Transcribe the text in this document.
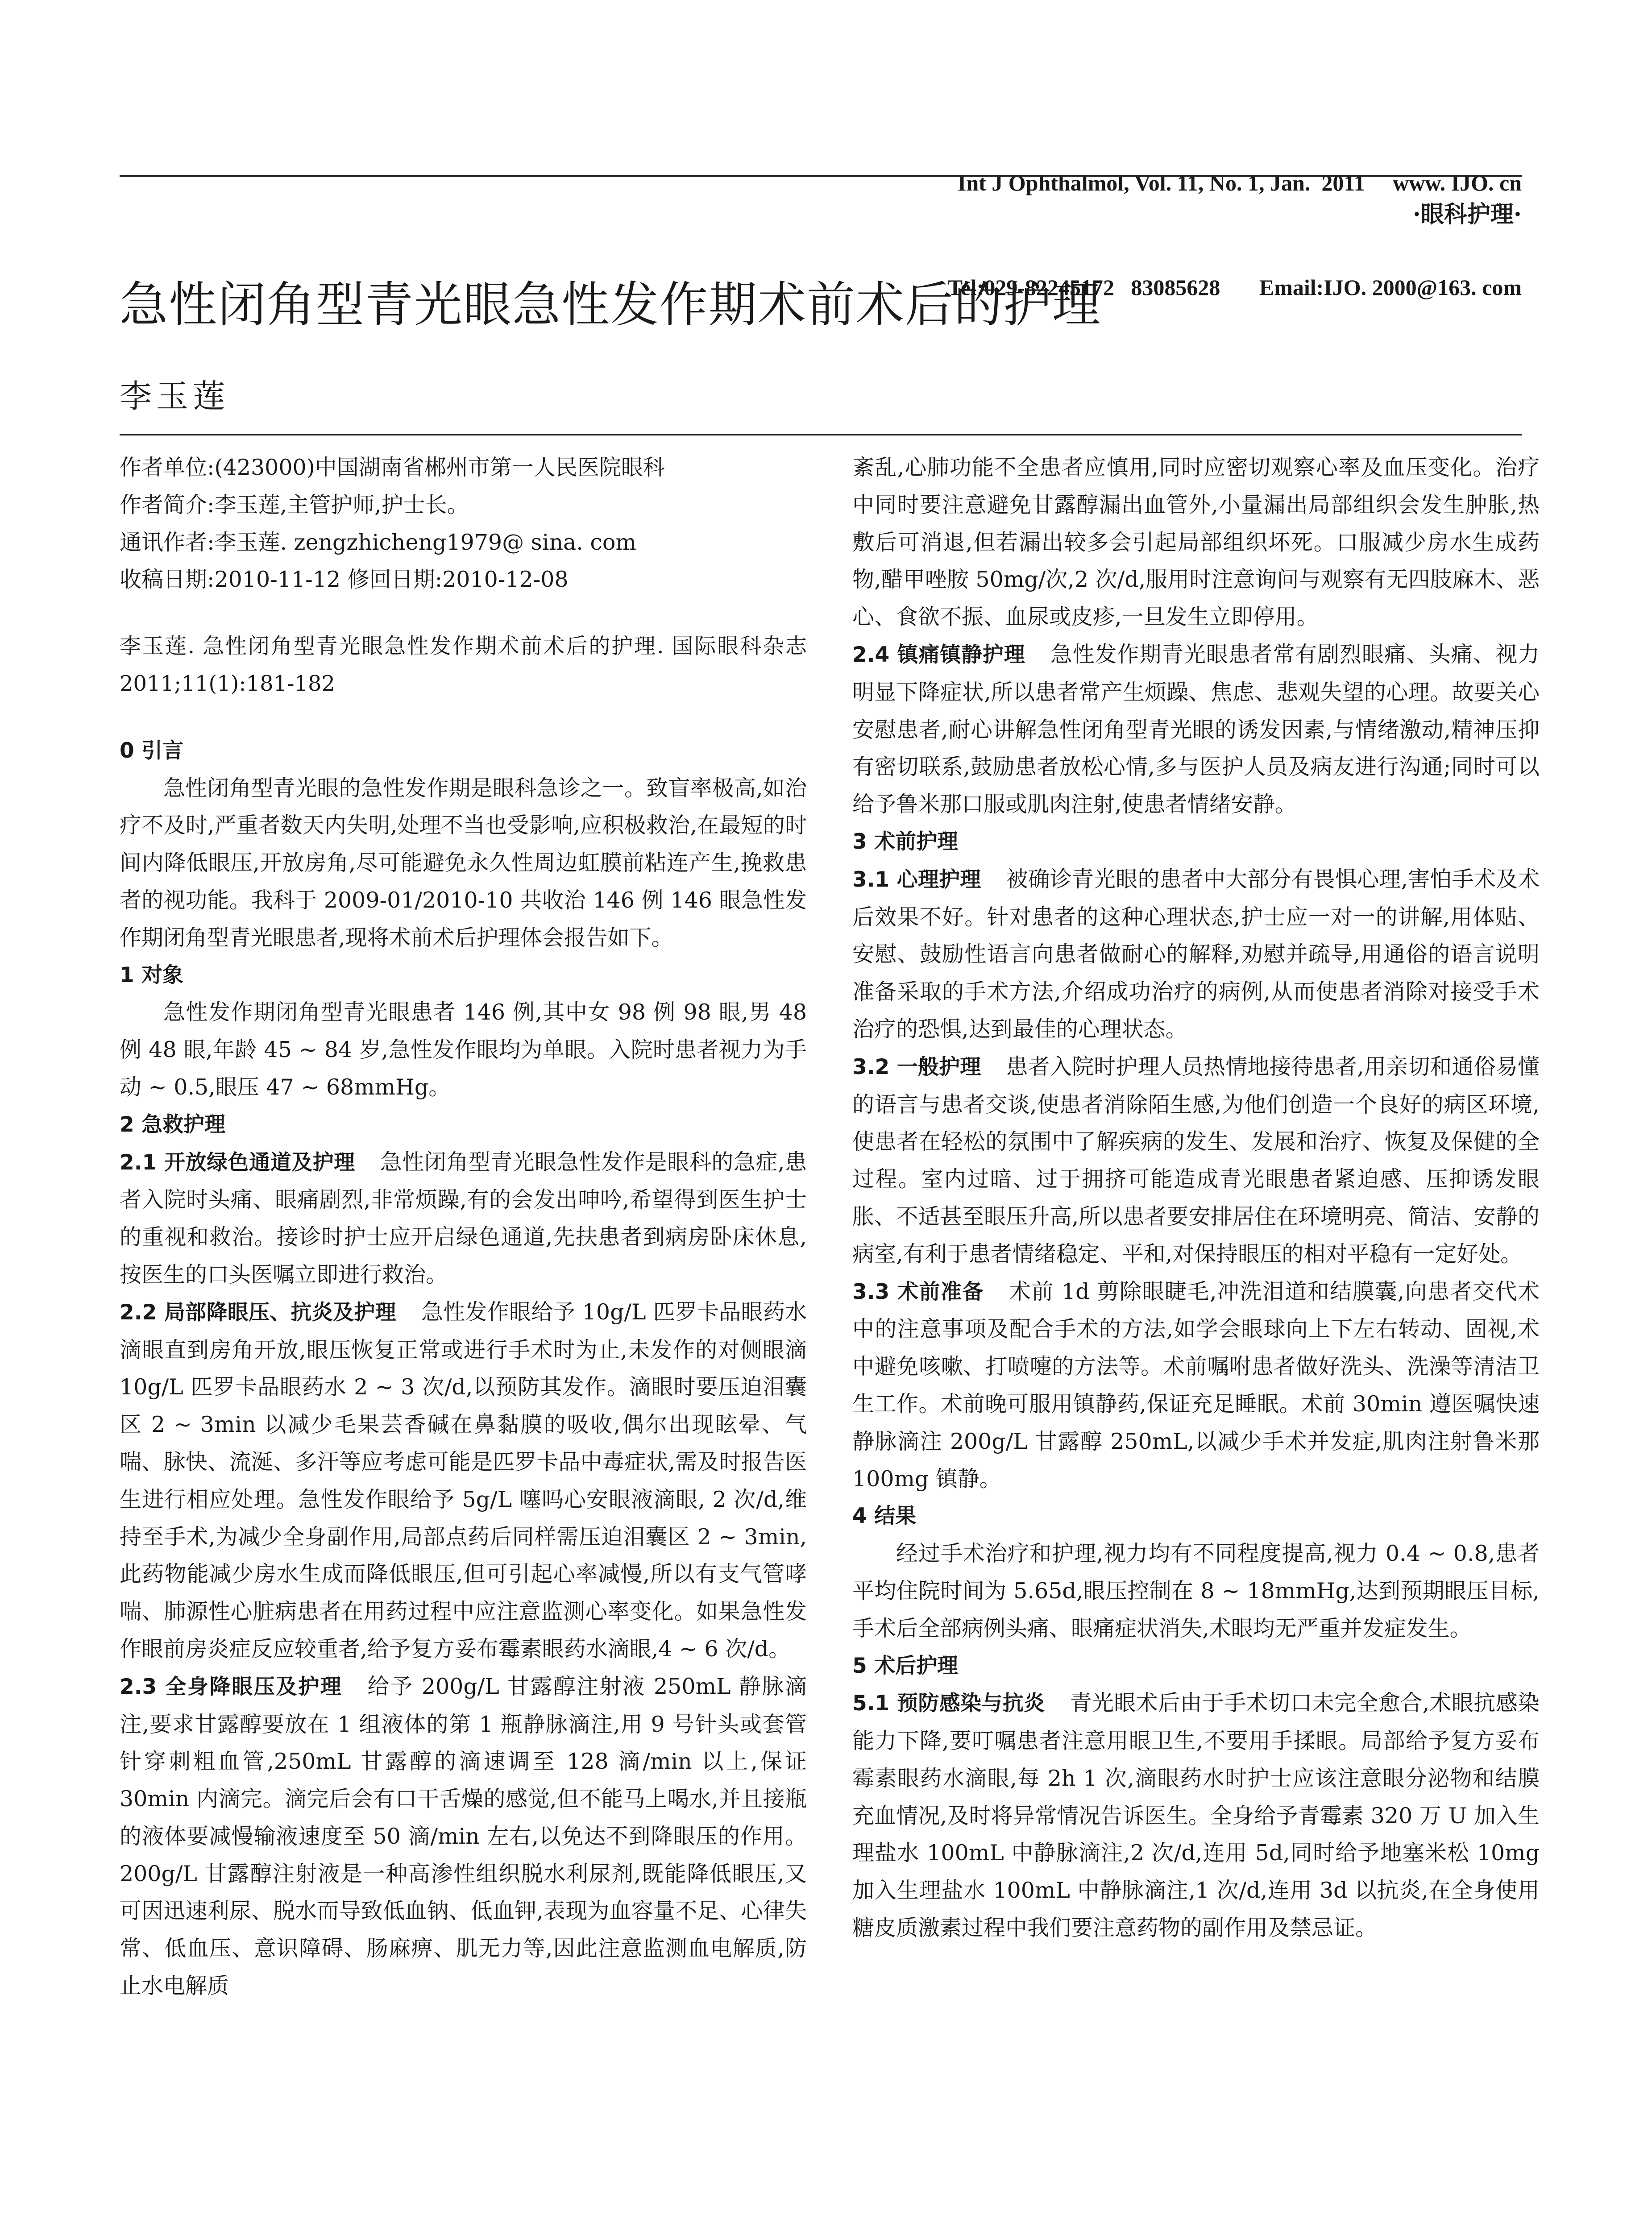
Int J Ophthalmol, Vol. 11, No. 1, Jan.  2011     www. IJO. cn

Tel:029-82245172   83085628       Email:IJO. 2000@163. com

·眼科护理·
急性闭角型青光眼急性发作期术前术后的护理
李玉莲
作者单位:(423000)中国湖南省郴州市第一人民医院眼科
作者简介:李玉莲,主管护师,护士长。
通讯作者:李玉莲. zengzhicheng1979@ sina. com
收稿日期:2010-11-12 修回日期:2010-12-08

李玉莲. 急性闭角型青光眼急性发作期术前术后的护理. 国际眼科杂志 2011;11(1):181-182

0 引言

急性闭角型青光眼的急性发作期是眼科急诊之一。致盲率极高,如治疗不及时,严重者数天内失明,处理不当也受影响,应积极救治,在最短的时间内降低眼压,开放房角,尽可能避免永久性周边虹膜前粘连产生,挽救患者的视功能。我科于 2009-01/2010-10 共收治 146 例 146 眼急性发作期闭角型青光眼患者,现将术前术后护理体会报告如下。

1 对象

急性发作期闭角型青光眼患者 146 例,其中女 98 例 98 眼,男 48 例 48 眼,年龄 45 ~ 84 岁,急性发作眼均为单眼。入院时患者视力为手动 ~ 0.5,眼压 47 ~ 68mmHg。

2 急救护理

2.1 开放绿色通道及护理 急性闭角型青光眼急性发作是眼科的急症,患者入院时头痛、眼痛剧烈,非常烦躁,有的会发出呻吟,希望得到医生护士的重视和救治。接诊时护士应开启绿色通道,先扶患者到病房卧床休息,按医生的口头医嘱立即进行救治。

2.2 局部降眼压、抗炎及护理 急性发作眼给予 10g/L 匹罗卡品眼药水滴眼直到房角开放,眼压恢复正常或进行手术时为止,未发作的对侧眼滴 10g/L 匹罗卡品眼药水 2 ~ 3 次/d,以预防其发作。滴眼时要压迫泪囊区 2 ~ 3min 以减少毛果芸香碱在鼻黏膜的吸收,偶尔出现眩晕、气喘、脉快、流涎、多汗等应考虑可能是匹罗卡品中毒症状,需及时报告医生进行相应处理。急性发作眼给予 5g/L 噻吗心安眼液滴眼, 2 次/d,维持至手术,为减少全身副作用,局部点药后同样需压迫泪囊区 2 ~ 3min,此药物能减少房水生成而降低眼压,但可引起心率减慢,所以有支气管哮喘、肺源性心脏病患者在用药过程中应注意监测心率变化。如果急性发作眼前房炎症反应较重者,给予复方妥布霉素眼药水滴眼,4 ~ 6 次/d。

2.3 全身降眼压及护理 给予 200g/L 甘露醇注射液 250mL 静脉滴注,要求甘露醇要放在 1 组液体的第 1 瓶静脉滴注,用 9 号针头或套管针穿刺粗血管,250mL 甘露醇的滴速调至 128 滴/min 以上,保证 30min 内滴完。滴完后会有口干舌燥的感觉,但不能马上喝水,并且接瓶的液体要减慢输液速度至 50 滴/min 左右,以免达不到降眼压的作用。200g/L 甘露醇注射液是一种高渗性组织脱水利尿剂,既能降低眼压,又可因迅速利尿、脱水而导致低血钠、低血钾,表现为血容量不足、心律失常、低血压、意识障碍、肠麻痹、肌无力等,因此注意监测血电解质,防止水电解质

紊乱,心肺功能不全患者应慎用,同时应密切观察心率及血压变化。治疗中同时要注意避免甘露醇漏出血管外,小量漏出局部组织会发生肿胀,热敷后可消退,但若漏出较多会引起局部组织坏死。口服减少房水生成药物,醋甲唑胺 50mg/次,2 次/d,服用时注意询问与观察有无四肢麻木、恶心、食欲不振、血尿或皮疹,一旦发生立即停用。

2.4 镇痛镇静护理 急性发作期青光眼患者常有剧烈眼痛、头痛、视力明显下降症状,所以患者常产生烦躁、焦虑、悲观失望的心理。故要关心安慰患者,耐心讲解急性闭角型青光眼的诱发因素,与情绪激动,精神压抑有密切联系,鼓励患者放松心情,多与医护人员及病友进行沟通;同时可以给予鲁米那口服或肌肉注射,使患者情绪安静。

3 术前护理

3.1 心理护理 被确诊青光眼的患者中大部分有畏惧心理,害怕手术及术后效果不好。针对患者的这种心理状态,护士应一对一的讲解,用体贴、安慰、鼓励性语言向患者做耐心的解释,劝慰并疏导,用通俗的语言说明准备采取的手术方法,介绍成功治疗的病例,从而使患者消除对接受手术治疗的恐惧,达到最佳的心理状态。

3.2 一般护理 患者入院时护理人员热情地接待患者,用亲切和通俗易懂的语言与患者交谈,使患者消除陌生感,为他们创造一个良好的病区环境,使患者在轻松的氛围中了解疾病的发生、发展和治疗、恢复及保健的全过程。室内过暗、过于拥挤可能造成青光眼患者紧迫感、压抑诱发眼胀、不适甚至眼压升高,所以患者要安排居住在环境明亮、简洁、安静的病室,有利于患者情绪稳定、平和,对保持眼压的相对平稳有一定好处。

3.3 术前准备 术前 1d 剪除眼睫毛,冲洗泪道和结膜囊,向患者交代术中的注意事项及配合手术的方法,如学会眼球向上下左右转动、固视,术中避免咳嗽、打喷嚏的方法等。术前嘱咐患者做好洗头、洗澡等清洁卫生工作。术前晚可服用镇静药,保证充足睡眠。术前 30min 遵医嘱快速静脉滴注 200g/L 甘露醇 250mL,以减少手术并发症,肌肉注射鲁米那 100mg 镇静。

4 结果

经过手术治疗和护理,视力均有不同程度提高,视力 0.4 ~ 0.8,患者平均住院时间为 5.65d,眼压控制在 8 ~ 18mmHg,达到预期眼压目标,手术后全部病例头痛、眼痛症状消失,术眼均无严重并发症发生。

5 术后护理

5.1 预防感染与抗炎 青光眼术后由于手术切口未完全愈合,术眼抗感染能力下降,要叮嘱患者注意用眼卫生,不要用手揉眼。局部给予复方妥布霉素眼药水滴眼,每 2h 1 次,滴眼药水时护士应该注意眼分泌物和结膜充血情况,及时将异常情况告诉医生。全身给予青霉素 320 万 U 加入生理盐水 100mL 中静脉滴注,2 次/d,连用 5d,同时给予地塞米松 10mg 加入生理盐水 100mL 中静脉滴注,1 次/d,连用 3d 以抗炎,在全身使用糖皮质激素过程中我们要注意药物的副作用及禁忌证。
